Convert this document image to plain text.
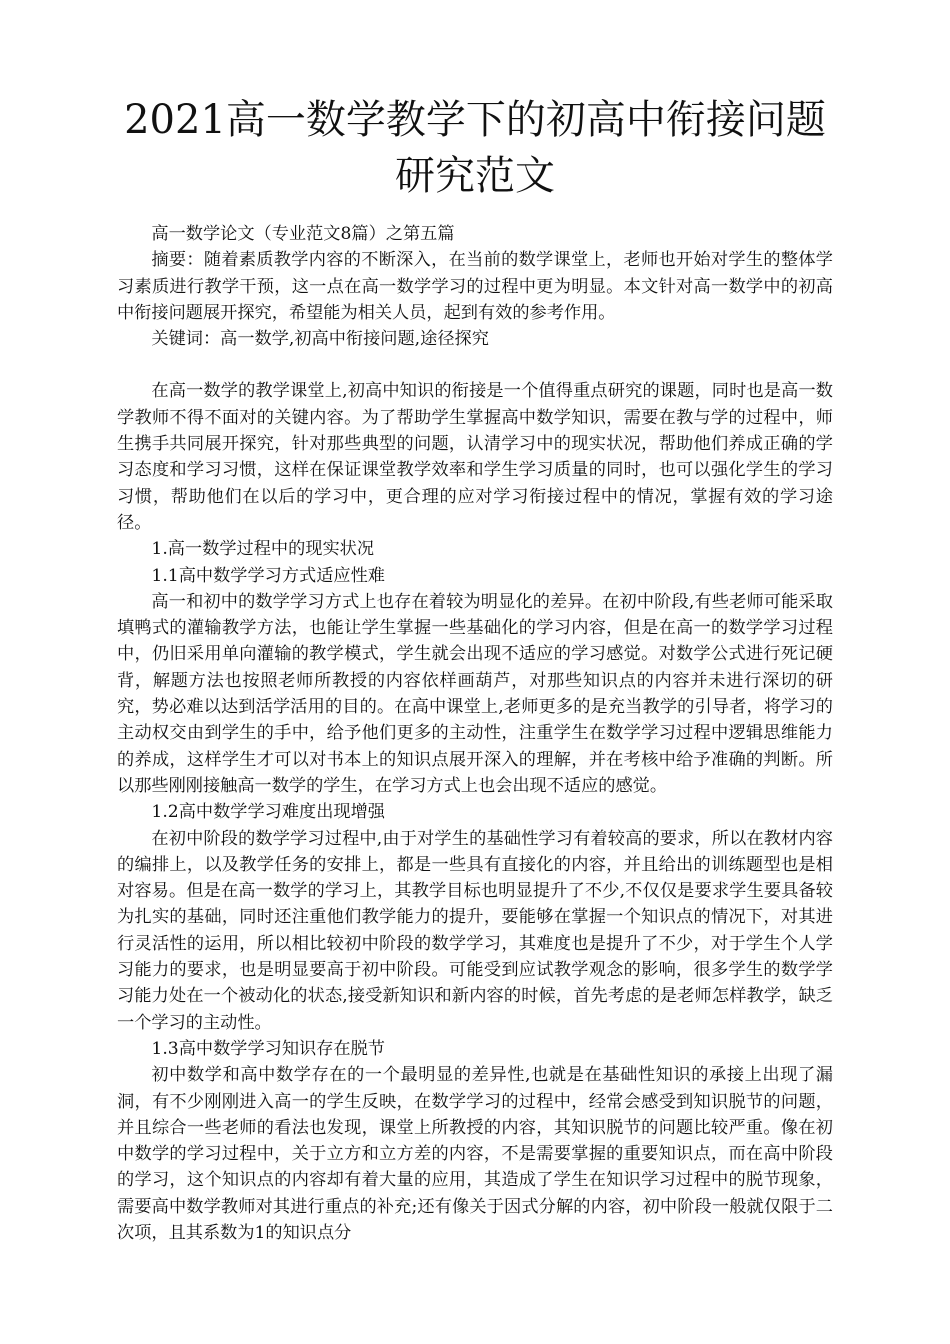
2021高一数学教学下的初高中衔接问题
研究范文

高一数学论文（专业范文8篇）之第五篇

摘要：随着素质教学内容的不断深入，在当前的数学课堂上，老师也开始对学生的整体学习素质进行教学干预，这一点在高一数学学习的过程中更为明显。本文针对高一数学中的初高中衔接问题展开探究，希望能为相关人员，起到有效的参考作用。

关键词：高一数学,初高中衔接问题,途径探究

在高一数学的教学课堂上,初高中知识的衔接是一个值得重点研究的课题，同时也是高一数学教师不得不面对的关键内容。为了帮助学生掌握高中数学知识，需要在教与学的过程中，师生携手共同展开探究，针对那些典型的问题，认清学习中的现实状况，帮助他们养成正确的学习态度和学习习惯，这样在保证课堂教学效率和学生学习质量的同时，也可以强化学生的学习习惯，帮助他们在以后的学习中，更合理的应对学习衔接过程中的情况，掌握有效的学习途径。

1.高一数学过程中的现实状况

1.1高中数学学习方式适应性难

高一和初中的数学学习方式上也存在着较为明显化的差异。在初中阶段,有些老师可能采取填鸭式的灌输教学方法，也能让学生掌握一些基础化的学习内容，但是在高一的数学学习过程中，仍旧采用单向灌输的教学模式，学生就会出现不适应的学习感觉。对数学公式进行死记硬背，解题方法也按照老师所教授的内容依样画葫芦，对那些知识点的内容并未进行深切的研究，势必难以达到活学活用的目的。在高中课堂上,老师更多的是充当教学的引导者，将学习的主动权交由到学生的手中，给予他们更多的主动性，注重学生在数学学习过程中逻辑思维能力的养成，这样学生才可以对书本上的知识点展开深入的理解，并在考核中给予准确的判断。所以那些刚刚接触高一数学的学生，在学习方式上也会出现不适应的感觉。

1.2高中数学学习难度出现增强

在初中阶段的数学学习过程中,由于对学生的基础性学习有着较高的要求，所以在教材内容的编排上，以及教学任务的安排上，都是一些具有直接化的内容，并且给出的训练题型也是相对容易。但是在高一数学的学习上，其教学目标也明显提升了不少,不仅仅是要求学生要具备较为扎实的基础，同时还注重他们教学能力的提升，要能够在掌握一个知识点的情况下，对其进行灵活性的运用，所以相比较初中阶段的数学学习，其难度也是提升了不少，对于学生个人学习能力的要求，也是明显要高于初中阶段。可能受到应试教学观念的影响，很多学生的数学学习能力处在一个被动化的状态,接受新知识和新内容的时候，首先考虑的是老师怎样教学，缺乏一个学习的主动性。

1.3高中数学学习知识存在脱节

初中数学和高中数学存在的一个最明显的差异性,也就是在基础性知识的承接上出现了漏洞，有不少刚刚进入高一的学生反映，在数学学习的过程中，经常会感受到知识脱节的问题，并且综合一些老师的看法也发现，课堂上所教授的内容，其知识脱节的问题比较严重。像在初中数学的学习过程中，关于立方和立方差的内容，不是需要掌握的重要知识点，而在高中阶段的学习，这个知识点的内容却有着大量的应用，其造成了学生在知识学习过程中的脱节现象，需要高中数学教师对其进行重点的补充;还有像关于因式分解的内容，初中阶段一般就仅限于二次项，且其系数为1的知识点分
